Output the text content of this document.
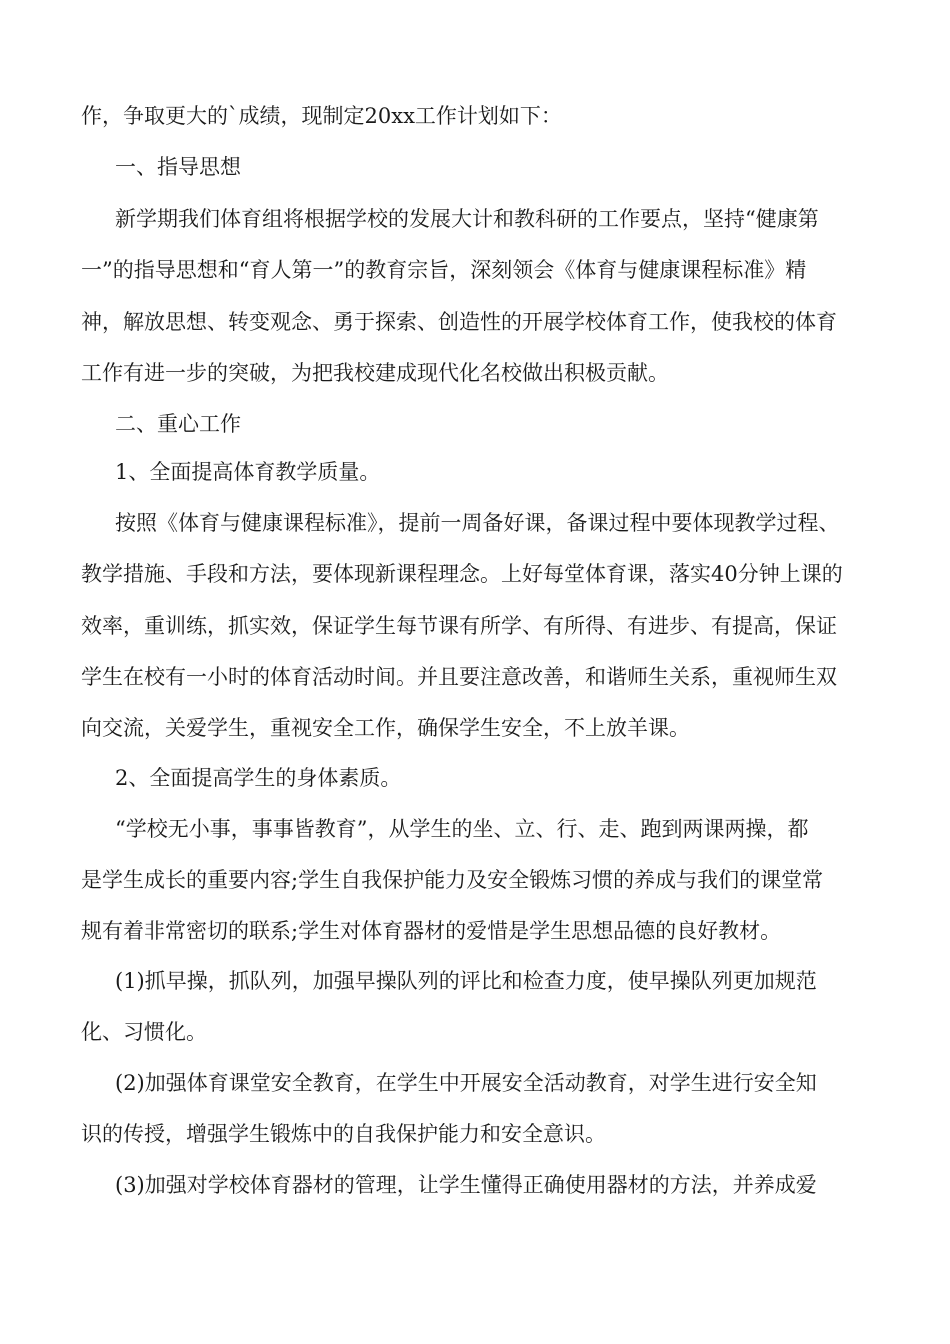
作，争取更大的`成绩，现制定20xx工作计划如下：
一、指导思想
新学期我们体育组将根据学校的发展大计和教科研的工作要点，坚持“健康第
一”的指导思想和“育人第一”的教育宗旨，深刻领会《体育与健康课程标准》精
神，解放思想、转变观念、勇于探索、创造性的开展学校体育工作，使我校的体育
工作有进一步的突破，为把我校建成现代化名校做出积极贡献。
二、重心工作
1、全面提高体育教学质量。
按照《体育与健康课程标准》，提前一周备好课，备课过程中要体现教学过程、
教学措施、手段和方法，要体现新课程理念。上好每堂体育课，落实40分钟上课的
效率，重训练，抓实效，保证学生每节课有所学、有所得、有进步、有提高，保证
学生在校有一小时的体育活动时间。并且要注意改善，和谐师生关系，重视师生双
向交流，关爱学生，重视安全工作，确保学生安全，不上放羊课。
2、全面提高学生的身体素质。
“学校无小事，事事皆教育”，从学生的坐、立、行、走、跑到两课两操，都
是学生成长的重要内容;学生自我保护能力及安全锻炼习惯的养成与我们的课堂常
规有着非常密切的联系;学生对体育器材的爱惜是学生思想品德的良好教材。
(1)抓早操，抓队列，加强早操队列的评比和检查力度，使早操队列更加规范
化、习惯化。
(2)加强体育课堂安全教育，在学生中开展安全活动教育，对学生进行安全知
识的传授，增强学生锻炼中的自我保护能力和安全意识。
(3)加强对学校体育器材的管理，让学生懂得正确使用器材的方法，并养成爱
